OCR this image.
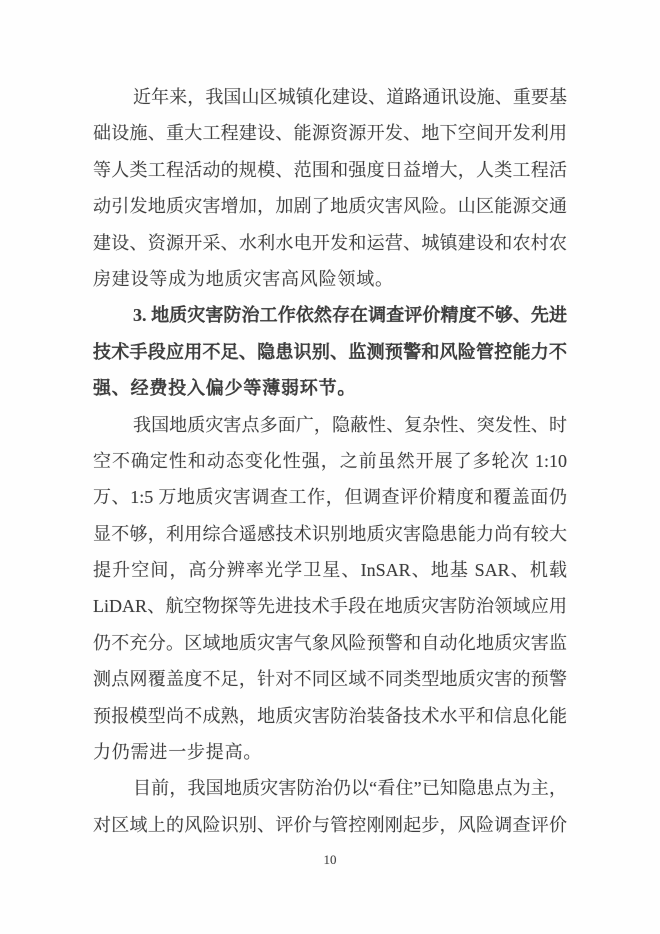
近年来，我国山区城镇化建设、道路通讯设施、重要基
础设施、重大工程建设、能源资源开发、地下空间开发利用
等人类工程活动的规模、范围和强度日益增大，人类工程活
动引发地质灾害增加，加剧了地质灾害风险。山区能源交通
建设、资源开采、水利水电开发和运营、城镇建设和农村农
房建设等成为地质灾害高风险领域。
3. 地质灾害防治工作依然存在调查评价精度不够、先进
技术手段应用不足、隐患识别、监测预警和风险管控能力不
强、经费投入偏少等薄弱环节。
我国地质灾害点多面广，隐蔽性、复杂性、突发性、时
空不确定性和动态变化性强，之前虽然开展了多轮次 1:10
万、1:5 万地质灾害调查工作，但调查评价精度和覆盖面仍
显不够，利用综合遥感技术识别地质灾害隐患能力尚有较大
提升空间，高分辨率光学卫星、InSAR、地基 SAR、机载
LiDAR、航空物探等先进技术手段在地质灾害防治领域应用
仍不充分。区域地质灾害气象风险预警和自动化地质灾害监
测点网覆盖度不足，针对不同区域不同类型地质灾害的预警
预报模型尚不成熟，地质灾害防治装备技术水平和信息化能
力仍需进一步提高。
目前，我国地质灾害防治仍以“看住”已知隐患点为主，
对区域上的风险识别、评价与管控刚刚起步，风险调查评价
10
